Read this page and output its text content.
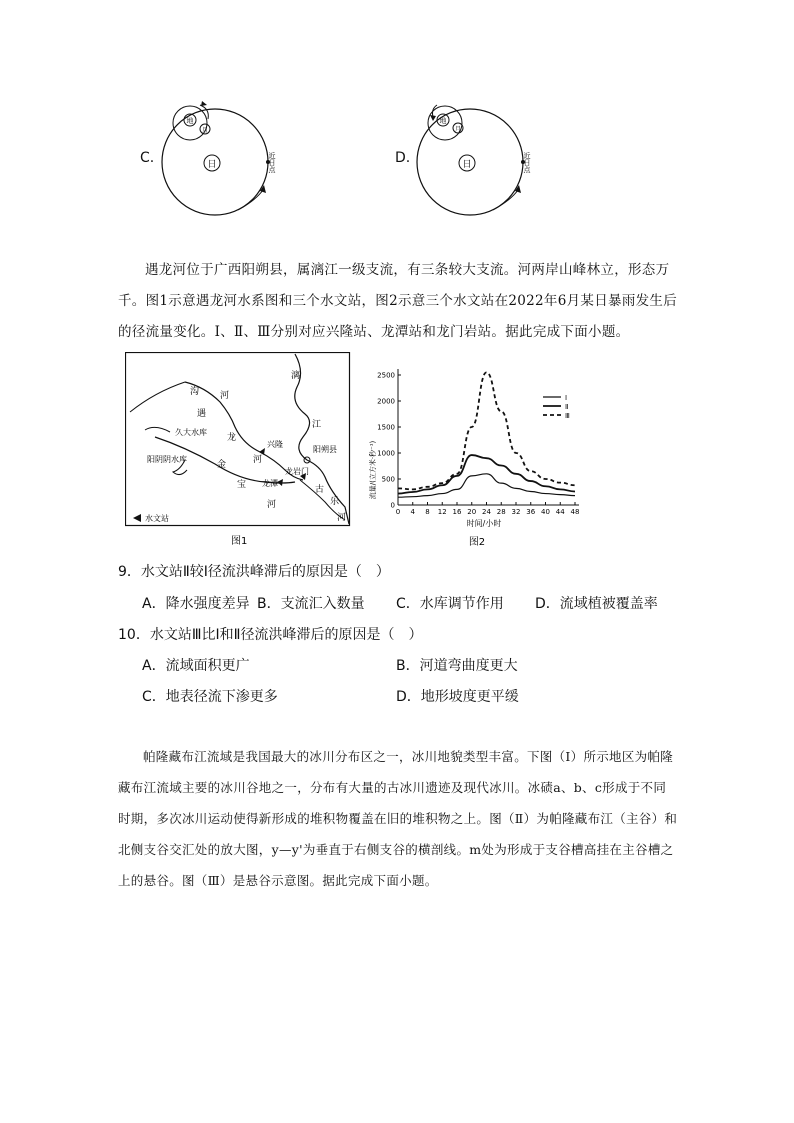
C.	日
地
月
近日点	D.	日
地
月
近日点
遇龙河位于广西阳朔县，属漓江一级支流，有三条较大支流。河两岸山峰林立，形态万千。图1示意遇龙河水系图和三个水文站，图2示意三个水文站在2022年6月某日暴雨发生后的径流量变化。Ⅰ、Ⅱ、Ⅲ分别对应兴隆站、龙潭站和龙门岩站。据此完成下面小题。
沟 河
遇
龙
河
久大水库
阳阴阴水库
金
宝
河
兴隆
龙潭
龙岩门
阳朔县
漓
江
古
乐
河
水文站
图1
流量/(立方米·秒⁻¹)
时间/小时
图2
0
500
1000
1500
2000
2500
0 4 8 12 16 20 24 28 32 36 40 44 48
Ⅰ
Ⅱ
Ⅲ
9．水文站Ⅱ较Ⅰ径流洪峰滞后的原因是（　）
A．降水强度差异 B．支流汇入数量 C．水库调节作用 D．流域植被覆盖率
10．水文站Ⅲ比Ⅰ和Ⅱ径流洪峰滞后的原因是（　）
A．流域面积更广	B．河道弯曲度更大
C．地表径流下渗更多	D．地形坡度更平缓
帕隆藏布江流域是我国最大的冰川分布区之一，冰川地貌类型丰富。下图（Ⅰ）所示地区为帕隆藏布江流域主要的冰川谷地之一，分布有大量的古冰川遗迹及现代冰川。冰碛a、b、c形成于不同时期，多次冰川运动使得新形成的堆积物覆盖在旧的堆积物之上。图（Ⅱ）为帕隆藏布江（主谷）和北侧支谷交汇处的放大图，y—y'为垂直于右侧支谷的横剖线。m处为形成于支谷槽高挂在主谷槽之上的悬谷。图（Ⅲ）是悬谷示意图。据此完成下面小题。
